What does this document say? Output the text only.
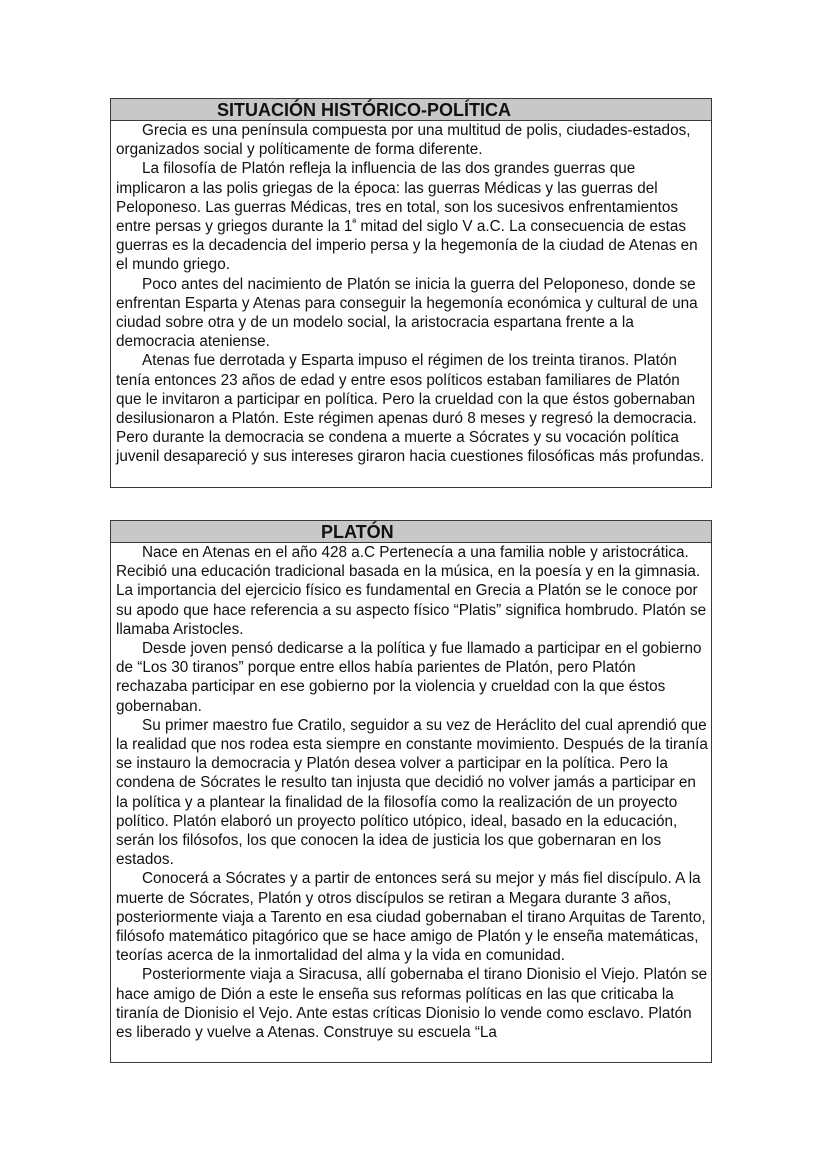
SITUACIÓN HISTÓRICO-POLÍTICA

Grecia es una península compuesta por una multitud de polis, ciudades-estados, organizados social y políticamente de forma diferente.

La filosofía de Platón refleja la influencia de las dos grandes guerras que implicaron a las polis griegas de la época: las guerras Médicas y las guerras del Peloponeso. Las guerras Médicas, tres en total, son los sucesivos enfrentamientos entre persas y griegos durante la $1^ª$ mitad del siglo V a.C. La consecuencia de estas guerras es la decadencia del imperio persa y la hegemonía de la ciudad de Atenas en el mundo griego.

Poco antes del nacimiento de Platón se inicia la guerra del Peloponeso, donde se enfrentan Esparta y Atenas para conseguir la hegemonía económica y cultural de una ciudad sobre otra y de un modelo social, la aristocracia espartana frente a la democracia ateniense.

Atenas fue derrotada y Esparta impuso el régimen de los treinta tiranos. Platón tenía entonces 23 años de edad y entre esos políticos estaban familiares de Platón que le invitaron a participar en política. Pero la crueldad con la que éstos gobernaban desilusionaron a Platón. Este régimen apenas duró 8 meses y regresó la democracia. Pero durante la democracia se condena a muerte a Sócrates y su vocación política juvenil desapareció y sus intereses giraron hacia cuestiones filosóficas más profundas.

PLATÓN

Nace en Atenas en el año 428 a.C Pertenecía a una familia noble y aristocrática. Recibió una educación tradicional basada en la música, en la poesía y en la gimnasia. La importancia del ejercicio físico es fundamental en Grecia a Platón se le conoce por su apodo que hace referencia a su aspecto físico “Platis” significa hombrudo. Platón se llamaba Aristocles.

Desde joven pensó dedicarse a la política y fue llamado a participar en el gobierno de “Los 30 tiranos” porque entre ellos había parientes de Platón, pero Platón rechazaba participar en ese gobierno por la violencia y crueldad con la que éstos gobernaban.

Su primer maestro fue Cratilo, seguidor a su vez de Heráclito del cual aprendió que la realidad que nos rodea esta siempre en constante movimiento. Después de la tiranía se instauro la democracia y Platón desea volver a participar en la política. Pero la condena de Sócrates le resulto tan injusta que decidió no volver jamás a participar en la política y a plantear la finalidad de la filosofía como la realización de un proyecto político. Platón elaboró un proyecto político utópico, ideal, basado en la educación, serán los filósofos, los que conocen la idea de justicia los que gobernaran en los estados.

Conocerá a Sócrates y a partir de entonces será su mejor y más fiel discípulo. A la muerte de Sócrates, Platón y otros discípulos se retiran a Megara durante 3 años, posteriormente viaja a Tarento en esa ciudad gobernaban el tirano Arquitas de Tarento, filósofo matemático pitagórico que se hace amigo de Platón y le enseña matemáticas, teorías acerca de la inmortalidad del alma y la vida en comunidad.

Posteriormente viaja a Siracusa, allí gobernaba el tirano Dionisio el Viejo. Platón se hace amigo de Dión a este le enseña sus reformas políticas en las que criticaba la tiranía de Dionisio el Vejo. Ante estas críticas Dionisio lo vende como esclavo. Platón es liberado y vuelve a Atenas. Construye su escuela “La
